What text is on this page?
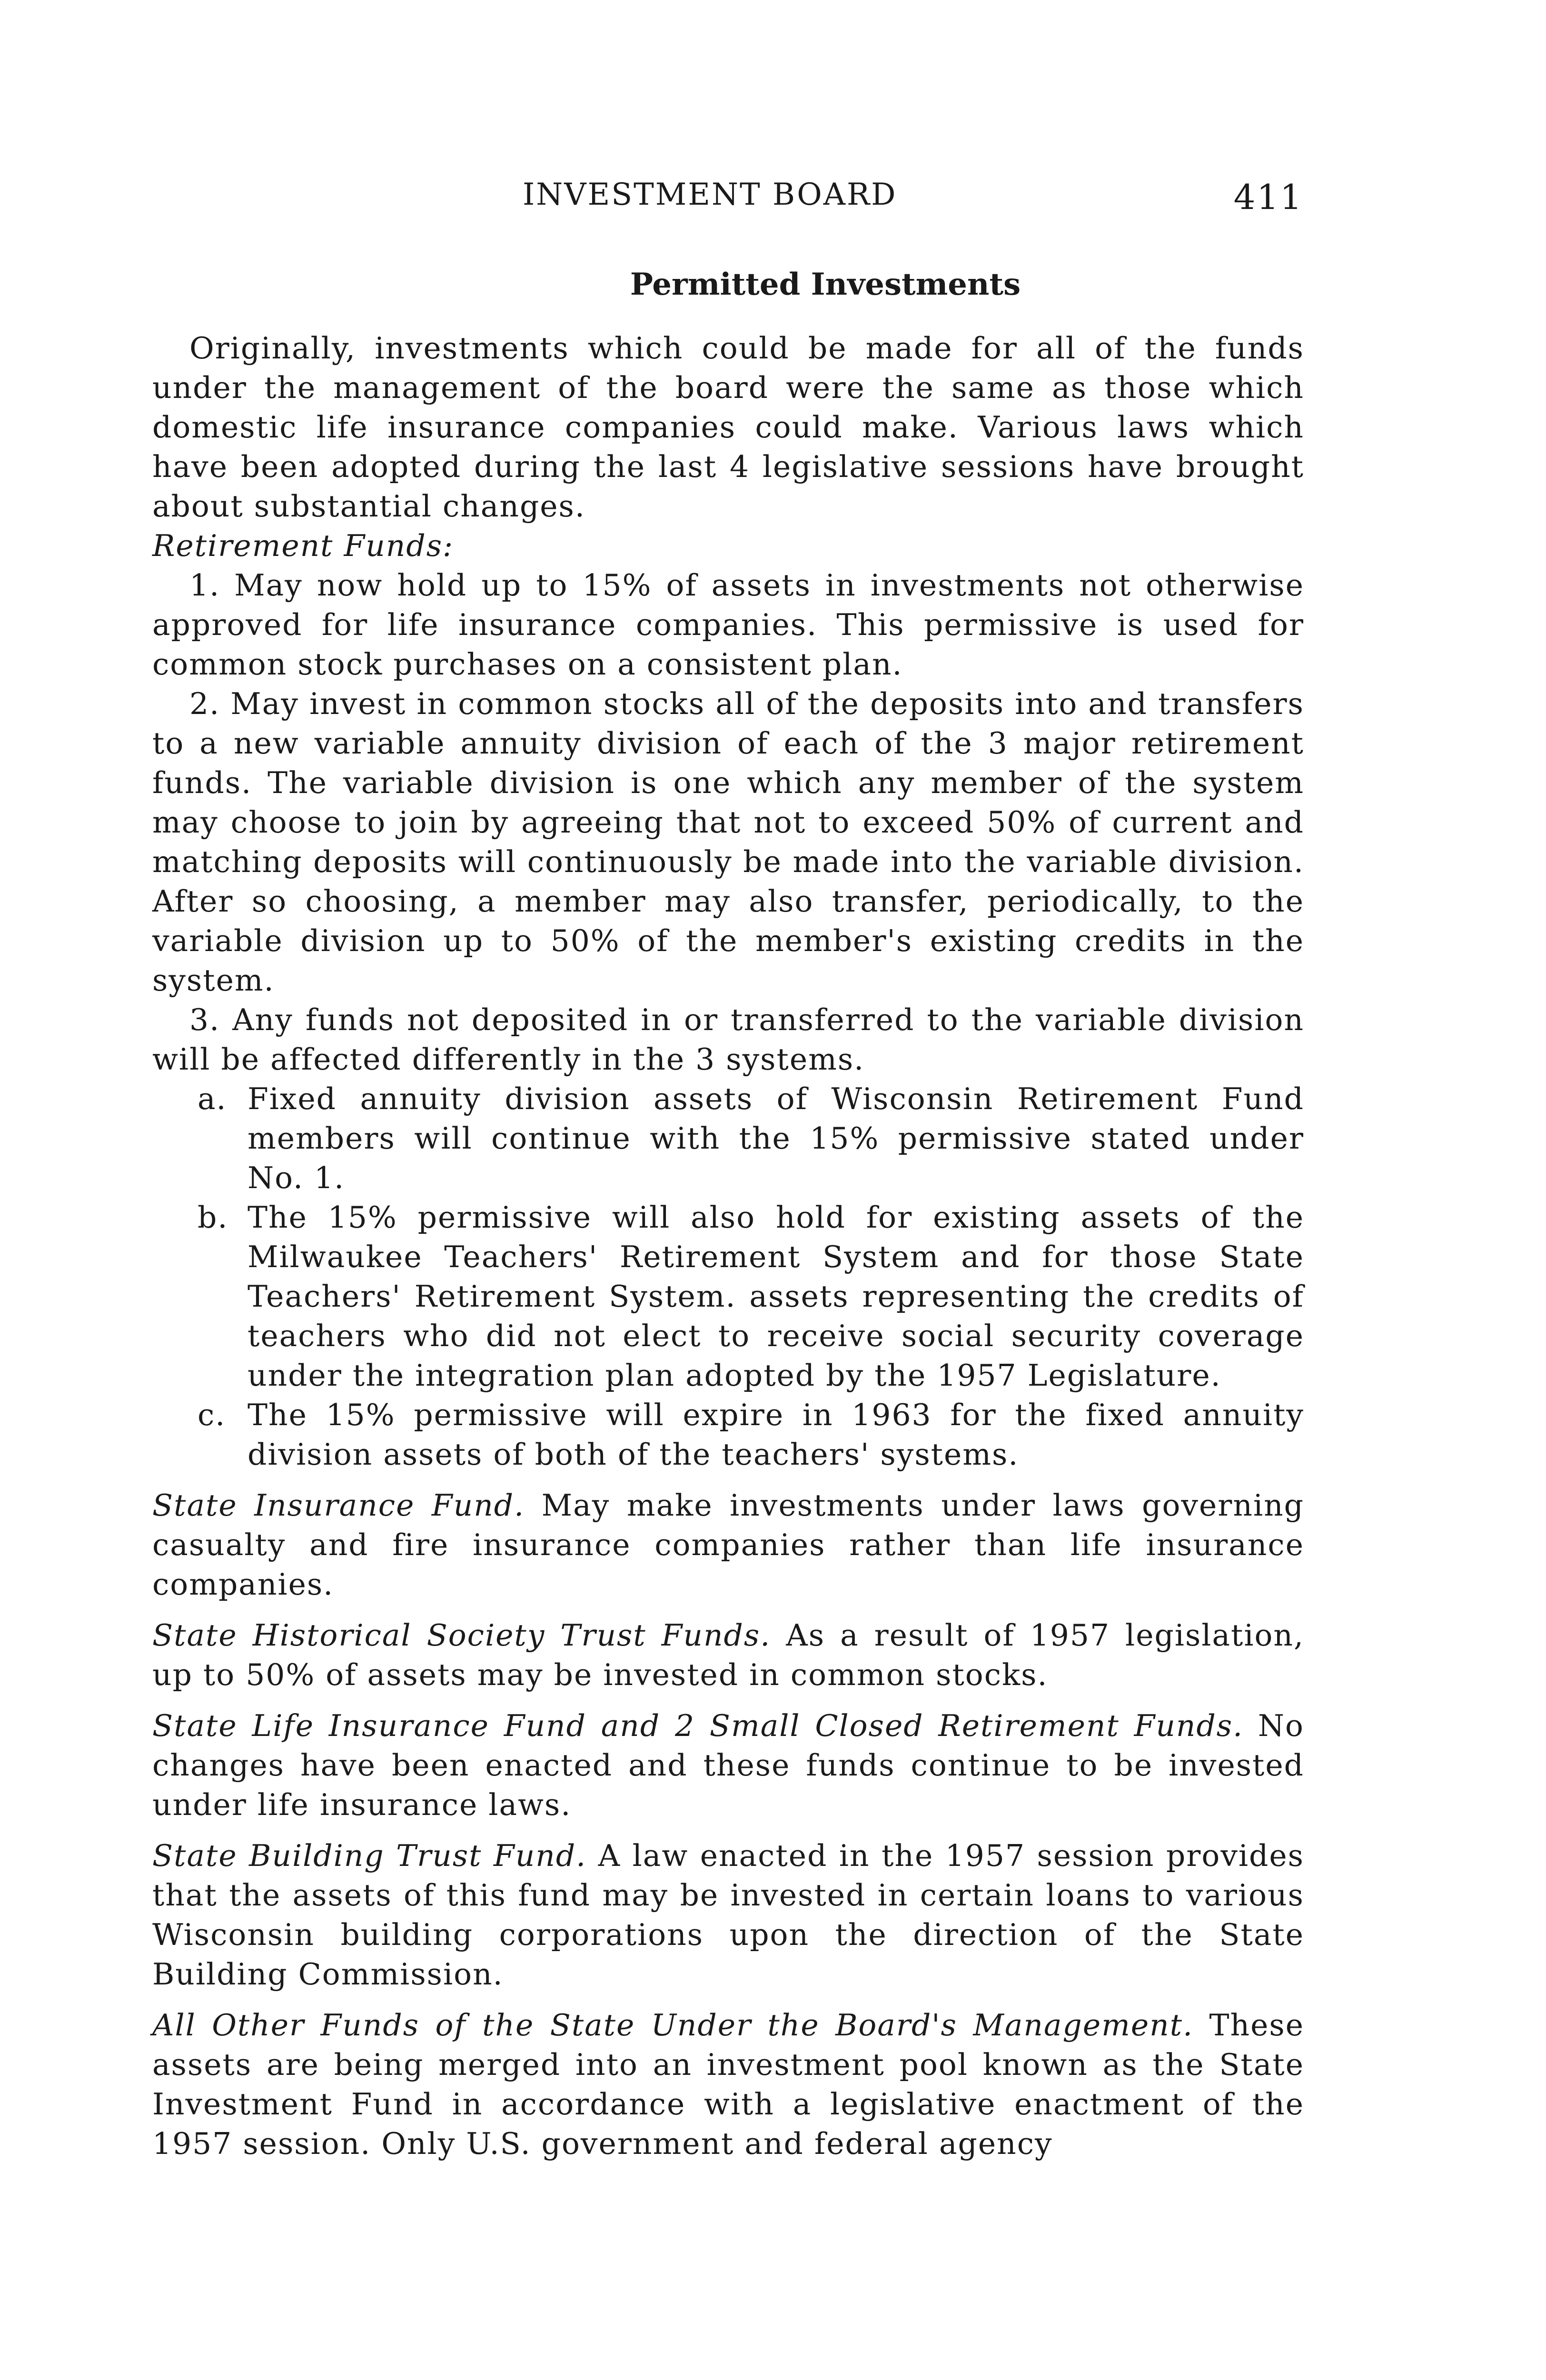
INVESTMENT BOARD	411
Permitted Investments

Originally, investments which could be made for all of the funds under the management of the board were the same as those which domestic life insurance companies could make. Various laws which have been adopted during the last 4 legislative sessions have brought about substantial changes.

Retirement Funds:

1. May now hold up to 15% of assets in investments not otherwise approved for life insurance companies. This permissive is used for common stock purchases on a consistent plan.

2. May invest in common stocks all of the deposits into and transfers to a new variable annuity division of each of the 3 major retirement funds. The variable division is one which any member of the system may choose to join by agreeing that not to exceed 50% of current and matching deposits will continuously be made into the variable division. After so choosing, a member may also transfer, periodically, to the variable division up to 50% of the member's existing credits in the system.

3. Any funds not deposited in or transferred to the variable division will be affected differently in the 3 systems.

a. Fixed annuity division assets of Wisconsin Retirement Fund members will continue with the 15% permissive stated under No. 1.
b. The 15% permissive will also hold for existing assets of the Milwaukee Teachers' Retirement System and for those State Teachers' Retirement System. assets representing the credits of teachers who did not elect to receive social security coverage under the integration plan adopted by the 1957 Legislature.
c. The 15% permissive will expire in 1963 for the fixed annuity division assets of both of the teachers' systems.

State Insurance Fund. May make investments under laws governing casualty and fire insurance companies rather than life insurance companies.

State Historical Society Trust Funds. As a result of 1957 legislation, up to 50% of assets may be invested in common stocks.

State Life Insurance Fund and 2 Small Closed Retirement Funds. No changes have been enacted and these funds continue to be invested under life insurance laws.

State Building Trust Fund. A law enacted in the 1957 session provides that the assets of this fund may be invested in certain loans to various Wisconsin building corporations upon the direction of the State Building Commission.

All Other Funds of the State Under the Board's Management. These assets are being merged into an investment pool known as the State Investment Fund in accordance with a legislative enactment of the 1957 session. Only U.S. government and federal agency
